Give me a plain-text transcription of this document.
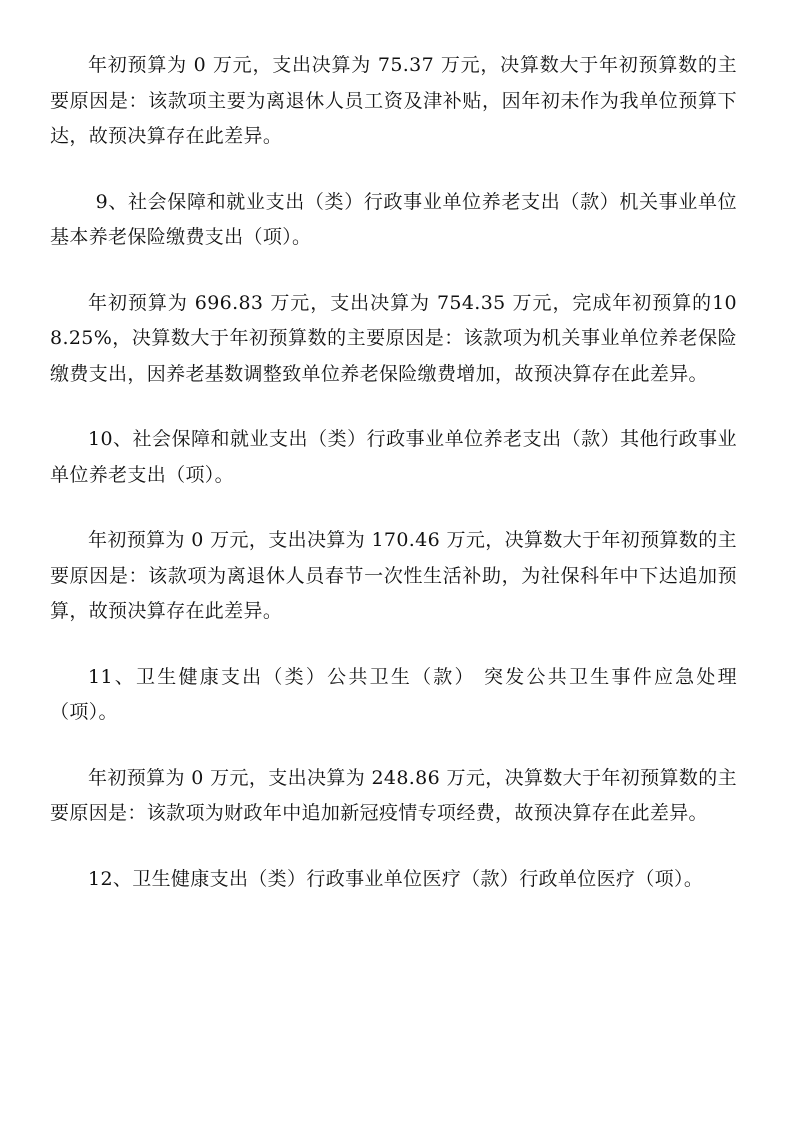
年初预算为 0 万元，支出决算为 75.37 万元，决算数大于年初预算数的主要原因是：该款项主要为离退休人员工资及津补贴，因年初未作为我单位预算下达，故预决算存在此差异。

9、社会保障和就业支出（类）行政事业单位养老支出（款）机关事业单位基本养老保险缴费支出（项）。

年初预算为 696.83 万元，支出决算为 754.35 万元，完成年初预算的108.25%，决算数大于年初预算数的主要原因是：该款项为机关事业单位养老保险缴费支出，因养老基数调整致单位养老保险缴费增加，故预决算存在此差异。

10、社会保障和就业支出（类）行政事业单位养老支出（款）其他行政事业单位养老支出（项）。

年初预算为 0 万元，支出决算为 170.46 万元，决算数大于年初预算数的主要原因是：该款项为离退休人员春节一次性生活补助，为社保科年中下达追加预算，故预决算存在此差异。

11、卫生健康支出（类）公共卫生（款） 突发公共卫生事件应急处理（项）。

年初预算为 0 万元，支出决算为 248.86 万元，决算数大于年初预算数的主要原因是：该款项为财政年中追加新冠疫情专项经费，故预决算存在此差异。

12、卫生健康支出（类）行政事业单位医疗（款）行政单位医疗（项）。
